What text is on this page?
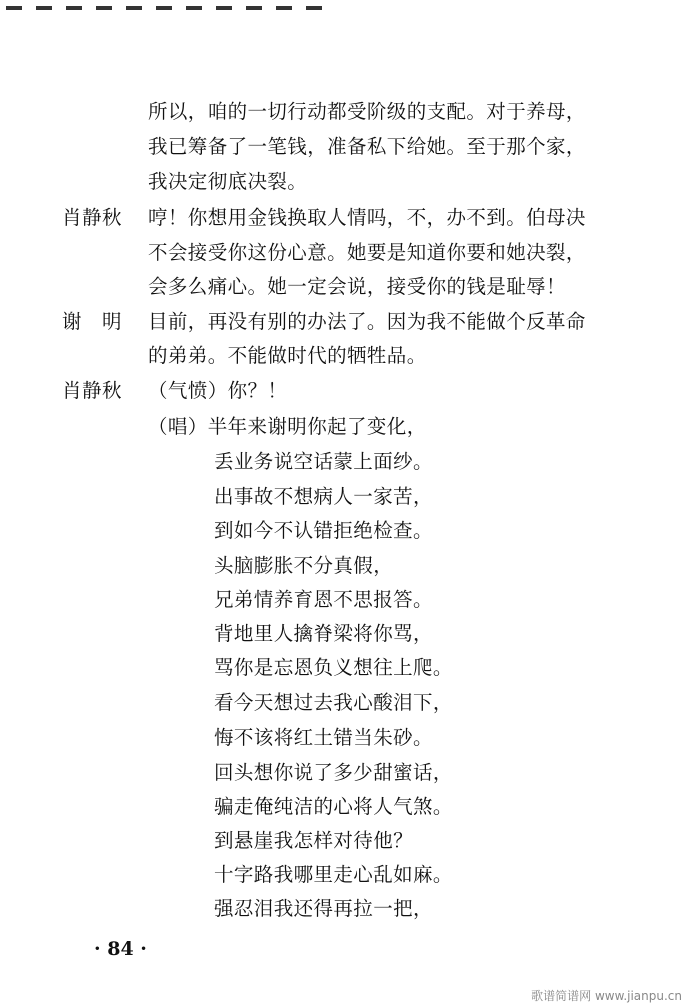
所以，咱的一切行动都受阶级的支配。对于养母，
我已筹备了一笔钱，准备私下给她。至于那个家，
我决定彻底决裂。
肖静秋 哼！你想用金钱换取人情吗，不，办不到。伯母决
不会接受你这份心意。她要是知道你要和她决裂，
会多么痛心。她一定会说，接受你的钱是耻辱！
谢　明 目前，再没有别的办法了。因为我不能做个反革命
的弟弟。不能做时代的牺牲品。
肖静秋 （气愤）你？！
（唱）半年来谢明你起了变化，
丢业务说空话蒙上面纱。
出事故不想病人一家苦，
到如今不认错拒绝检查。
头脑膨胀不分真假，
兄弟情养育恩不思报答。
背地里人擒脊梁将你骂，
骂你是忘恩负义想往上爬。
看今天想过去我心酸泪下，
悔不该将红土错当朱砂。
回头想你说了多少甜蜜话，
骗走俺纯洁的心将人气煞。
到悬崖我怎样对待他？
十字路我哪里走心乱如麻。
强忍泪我还得再拉一把，
· 84 ·
歌谱简谱网 www.jianpu.cn
